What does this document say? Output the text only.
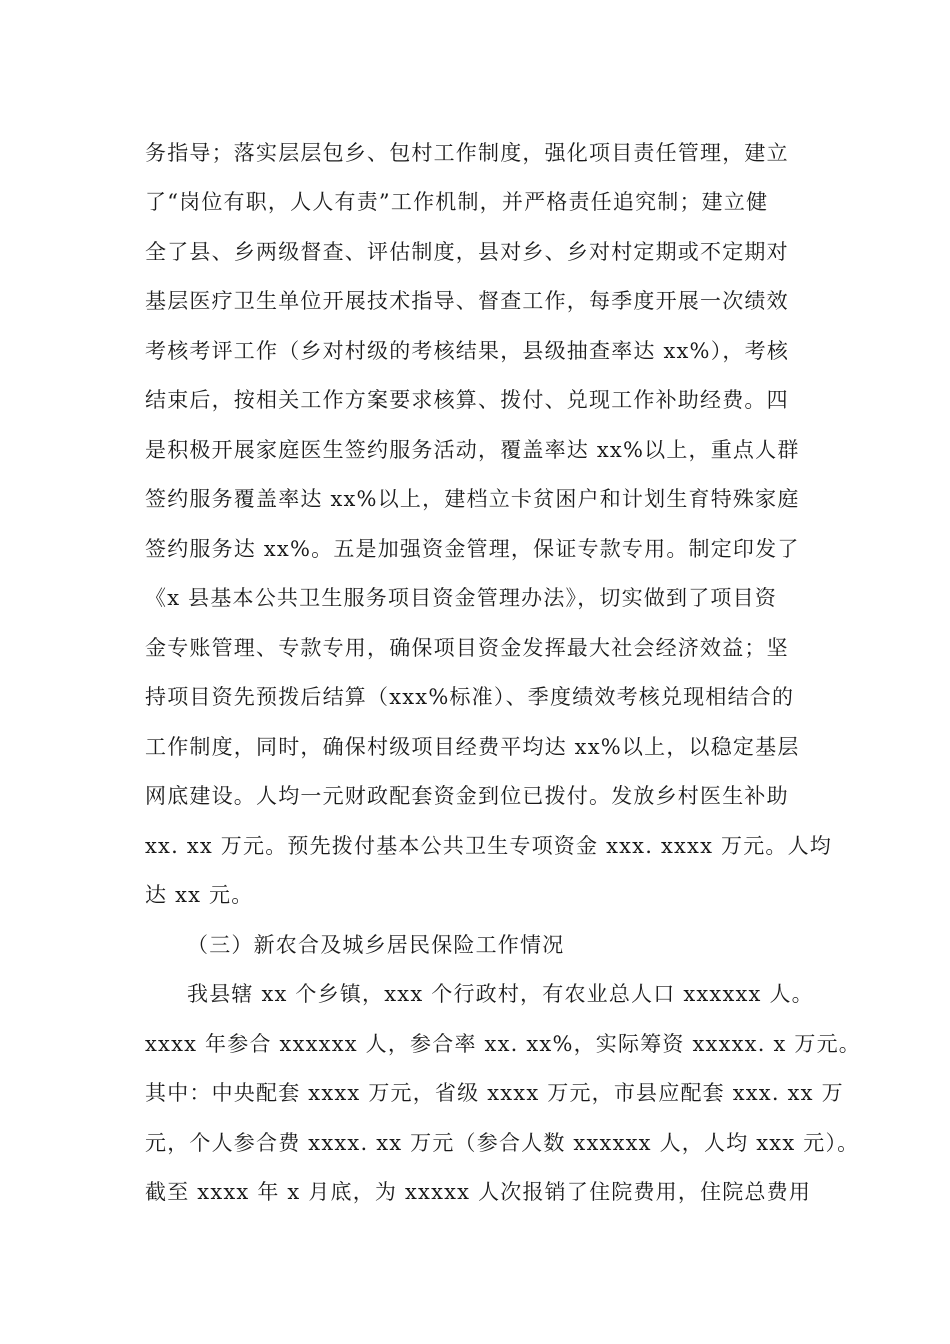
务指导；落实层层包乡、包村工作制度，强化项目责任管理，建立

了“岗位有职，人人有责”工作机制，并严格责任追究制；建立健

全了县、乡两级督查、评估制度，县对乡、乡对村定期或不定期对

基层医疗卫生单位开展技术指导、督查工作，每季度开展一次绩效

考核考评工作（乡对村级的考核结果，县级抽查率达 xx%），考核

结束后，按相关工作方案要求核算、拨付、兑现工作补助经费。四

是积极开展家庭医生签约服务活动，覆盖率达 xx%以上，重点人群

签约服务覆盖率达 xx%以上，建档立卡贫困户和计划生育特殊家庭

签约服务达 xx%。五是加强资金管理，保证专款专用。制定印发了

《x 县基本公共卫生服务项目资金管理办法》，切实做到了项目资

金专账管理、专款专用，确保项目资金发挥最大社会经济效益；坚

持项目资先预拨后结算（xxx%标准）、季度绩效考核兑现相结合的

工作制度，同时，确保村级项目经费平均达 xx%以上，以稳定基层

网底建设。人均一元财政配套资金到位已拨付。发放乡村医生补助

xx. xx 万元。预先拨付基本公共卫生专项资金 xxx. xxxx 万元。人均

达 xx 元。

（三）新农合及城乡居民保险工作情况

我县辖 xx 个乡镇，xxx 个行政村，有农业总人口 xxxxxx 人。

xxxx 年参合 xxxxxx 人，参合率 xx. xx%，实际筹资 xxxxx. x 万元。

其中：中央配套 xxxx 万元，省级 xxxx 万元，市县应配套 xxx. xx 万

元，个人参合费 xxxx. xx 万元（参合人数 xxxxxx 人，人均 xxx 元）。

截至 xxxx 年 x 月底，为 xxxxx 人次报销了住院费用，住院总费用
